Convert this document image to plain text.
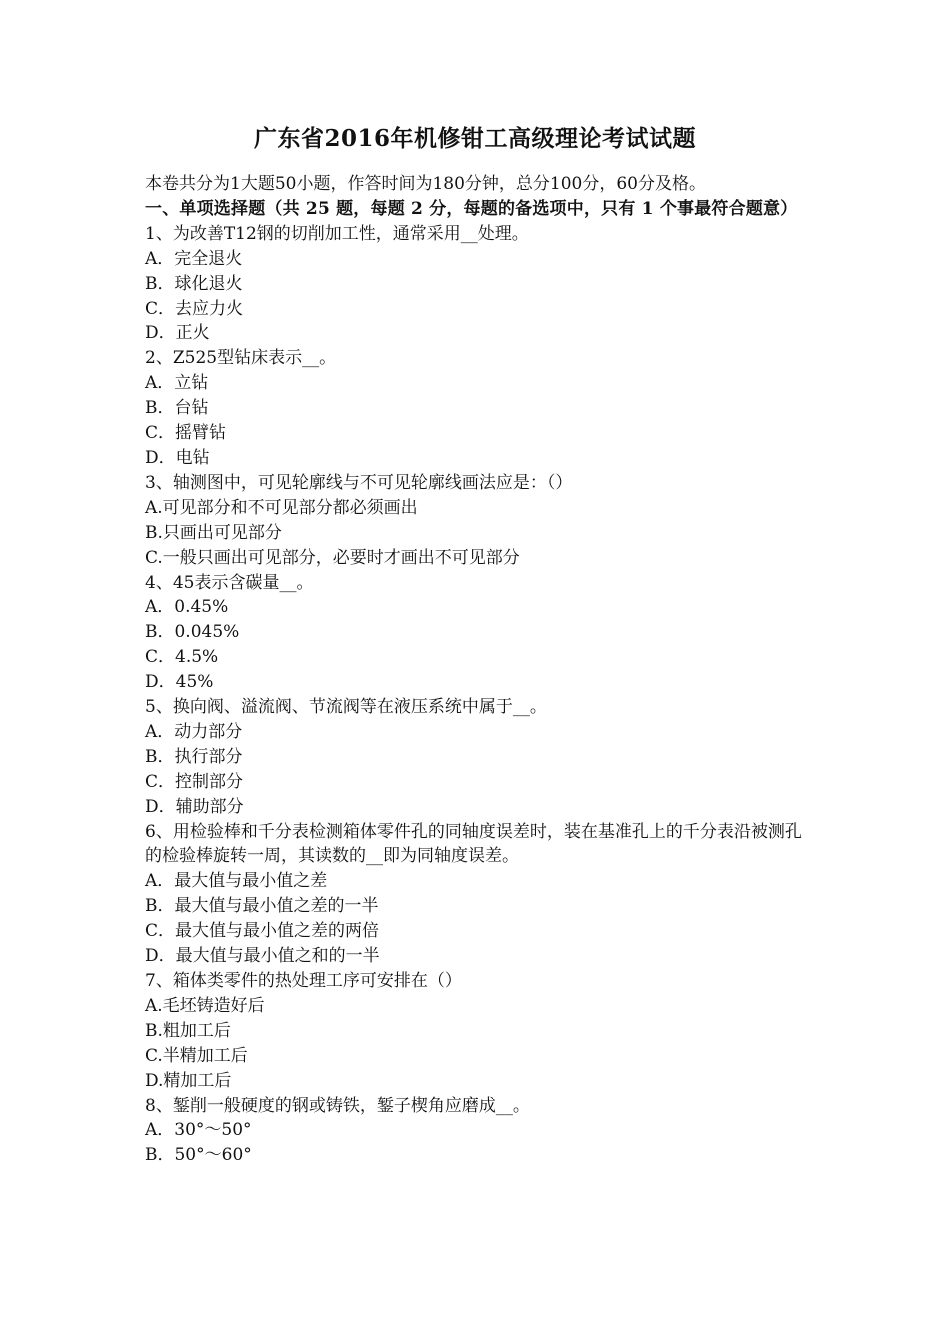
广东省2016年机修钳工高级理论考试试题
本卷共分为1大题50小题，作答时间为180分钟，总分100分，60分及格。
一、单项选择题（共 25 题，每题 2 分，每题的备选项中，只有 1 个事最符合题意）
1、为改善T12钢的切削加工性，通常采用__处理。
A．完全退火
B．球化退火
C．去应力火
D．正火
2、Z525型钻床表示__。
A．立钻
B．台钻
C．摇臂钻
D．电钻
3、轴测图中，可见轮廓线与不可见轮廓线画法应是：（）
A.可见部分和不可见部分都必须画出
B.只画出可见部分
C.一般只画出可见部分，必要时才画出不可见部分
4、45表示含碳量__。
A．0.45%
B．0.045%
C．4.5%
D．45%
5、换向阀、溢流阀、节流阀等在液压系统中属于__。
A．动力部分
B．执行部分
C．控制部分
D．辅助部分
6、用检验棒和千分表检测箱体零件孔的同轴度误差时，装在基准孔上的千分表沿被测孔的检验棒旋转一周，其读数的__即为同轴度误差。
A．最大值与最小值之差
B．最大值与最小值之差的一半
C．最大值与最小值之差的两倍
D．最大值与最小值之和的一半
7、箱体类零件的热处理工序可安排在（）
A.毛坯铸造好后
B.粗加工后
C.半精加工后
D.精加工后
8、錾削一般硬度的钢或铸铁，錾子楔角应磨成__。
A．30°～50°
B．50°～60°
